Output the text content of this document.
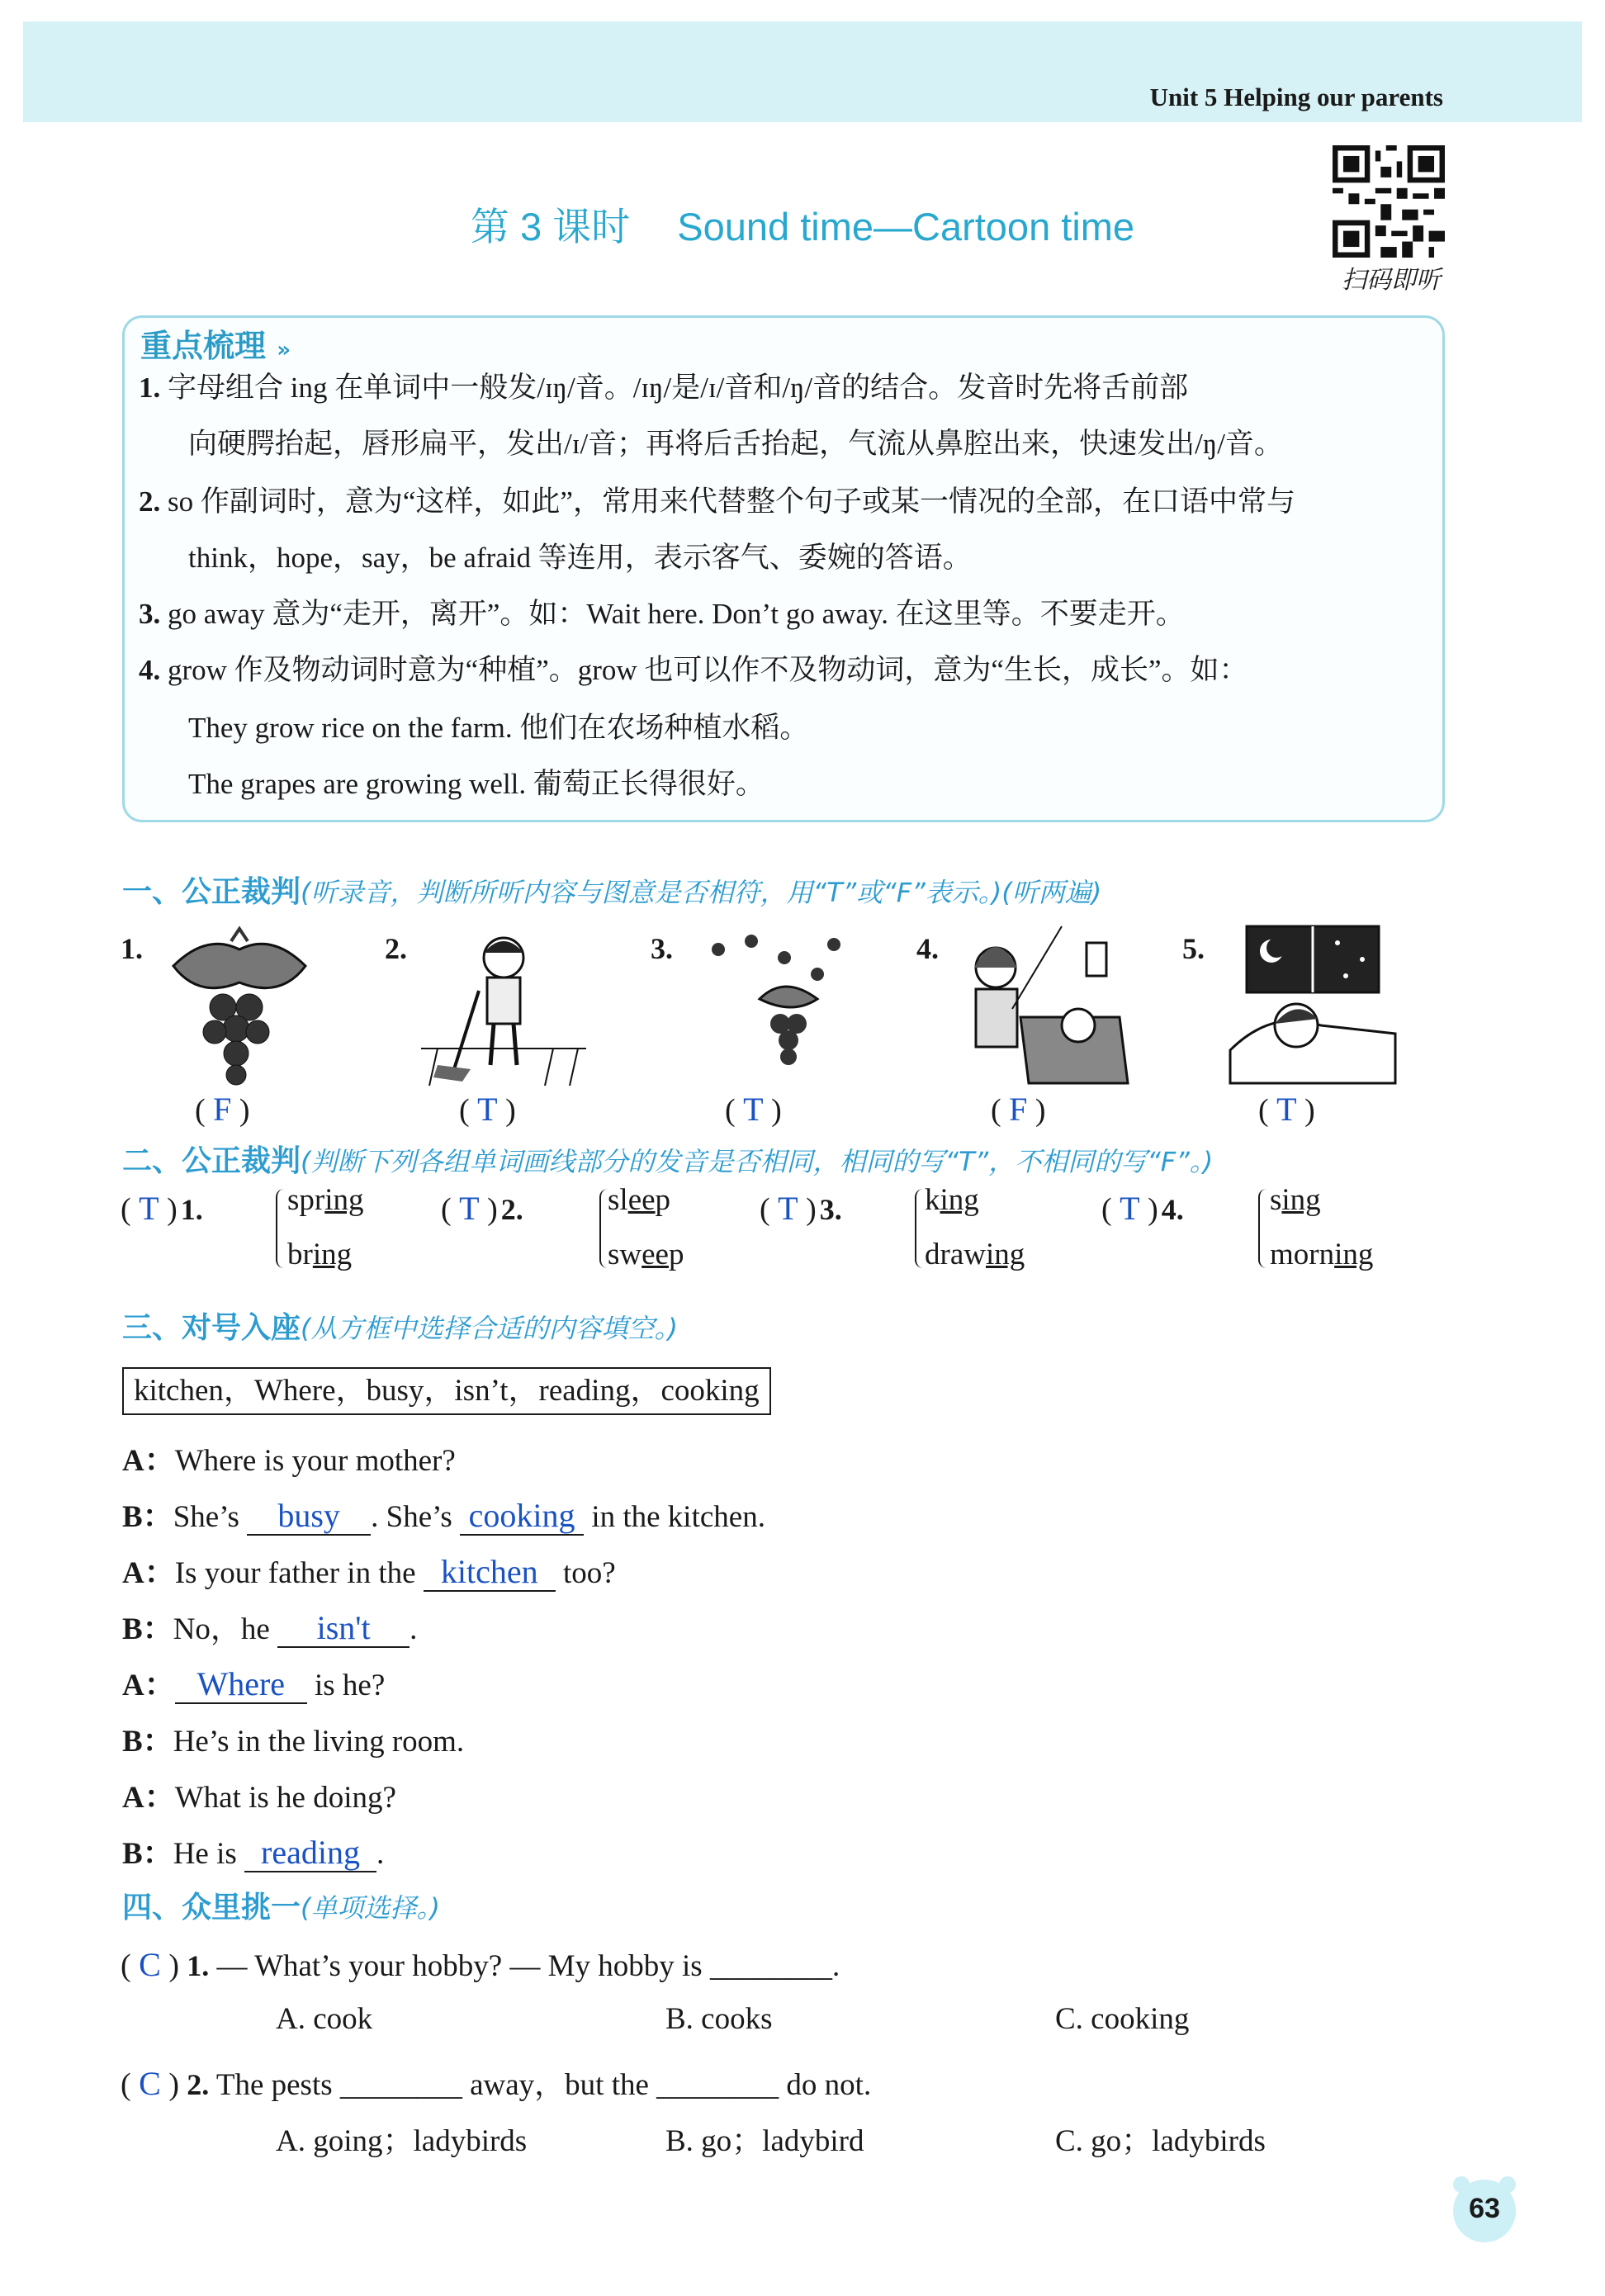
Unit 5 Helping our parents
第 3 课时 Sound time—Cartoon time
扫码即听
重点梳理 »
1. 字母组合 ing 在单词中一般发/ɪŋ/音。/ɪŋ/是/ɪ/音和/ŋ/音的结合。发音时先将舌前部
向硬腭抬起，唇形扁平，发出/ɪ/音；再将后舌抬起，气流从鼻腔出来，快速发出/ŋ/音。
2. so 作副词时，意为“这样，如此”，常用来代替整个句子或某一情况的全部，在口语中常与
think，hope，say，be afraid 等连用，表示客气、委婉的答语。
3. go away 意为“走开，离开”。如：Wait here. Don’t go away. 在这里等。不要走开。
4. grow 作及物动词时意为“种植”。grow 也可以作不及物动词，意为“生长，成长”。如：
They grow rice on the farm. 他们在农场种植水稻。
The grapes are growing well. 葡萄正长得很好。
一、公正裁判(听录音，判断所听内容与图意是否相符，用“T”或“F”表示。)(听两遍)
1.
( F )
2.
( T )
3.
( T )
4.
( F )
5.
( T )
二、公正裁判(判断下列各组单词画线部分的发音是否相同，相同的写“T”，不相同的写“F”。)
( T ) 1.	spring
bring
( T ) 2.	sleep
sweep
( T ) 3.	king
drawing
( T ) 4.	sing
morning
三、对号入座(从方框中选择合适的内容填空。)
kitchen，Where，busy，isn’t，reading，cooking
A：Where is your mother?
B：She’s busy . She’s cooking in the kitchen.
A：Is your father in the kitchen too?
B：No，he isn't .
A： Where is he?
B：He’s in the living room.
A：What is he doing?
B：He is reading .
四、众里挑一(单项选择。)
( C ) 1. — What’s your hobby? — My hobby is ________.
A. cook	B. cooks	C. cooking
( C ) 2. The pests ________ away，but the ________ do not.
A. going；ladybirds	B. go；ladybird	C. go；ladybirds
63
